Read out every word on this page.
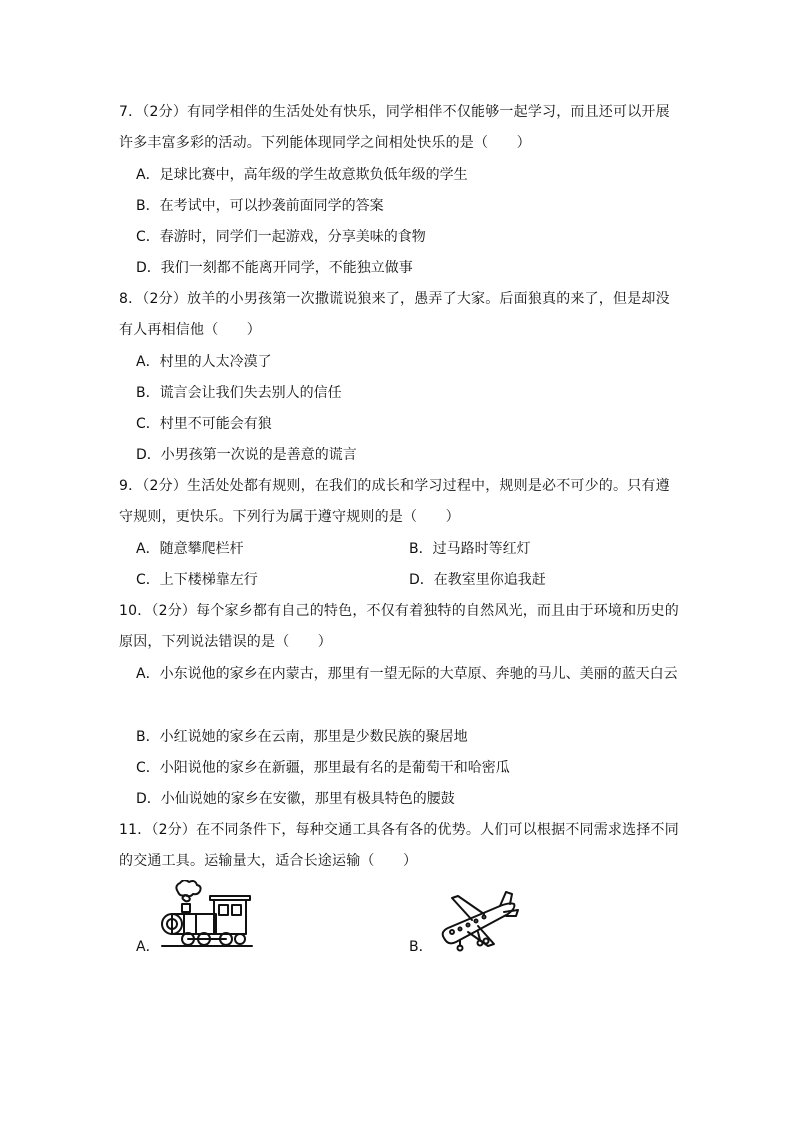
7．（2分）有同学相伴的生活处处有快乐，同学相伴不仅能够一起学习，而且还可以开展许多丰富多彩的活动。下列能体现同学之间相处快乐的是（　　）
A．足球比赛中，高年级的学生故意欺负低年级的学生
B．在考试中，可以抄袭前面同学的答案
C．春游时，同学们一起游戏，分享美味的食物
D．我们一刻都不能离开同学，不能独立做事
8．（2分）放羊的小男孩第一次撒谎说狼来了，愚弄了大家。后面狼真的来了，但是却没有人再相信他（　　）
A．村里的人太冷漠了
B．谎言会让我们失去别人的信任
C．村里不可能会有狼
D．小男孩第一次说的是善意的谎言
9．（2分）生活处处都有规则，在我们的成长和学习过程中，规则是必不可少的。只有遵守规则，更快乐。下列行为属于遵守规则的是（　　）
A．随意攀爬栏杆	B．过马路时等红灯
C．上下楼梯靠左行	D．在教室里你追我赶
10．（2分）每个家乡都有自己的特色，不仅有着独特的自然风光，而且由于环境和历史的原因，下列说法错误的是（　　）
A．小东说他的家乡在内蒙古，那里有一望无际的大草原、奔驰的马儿、美丽的蓝天白云
B．小红说她的家乡在云南，那里是少数民族的聚居地
C．小阳说他的家乡在新疆，那里最有名的是葡萄干和哈密瓜
D．小仙说她的家乡在安徽，那里有极具特色的腰鼓
11．（2分）在不同条件下，每种交通工具各有各的优势。人们可以根据不同需求选择不同的交通工具。运输量大，适合长途运输（　　）
A．	B．
